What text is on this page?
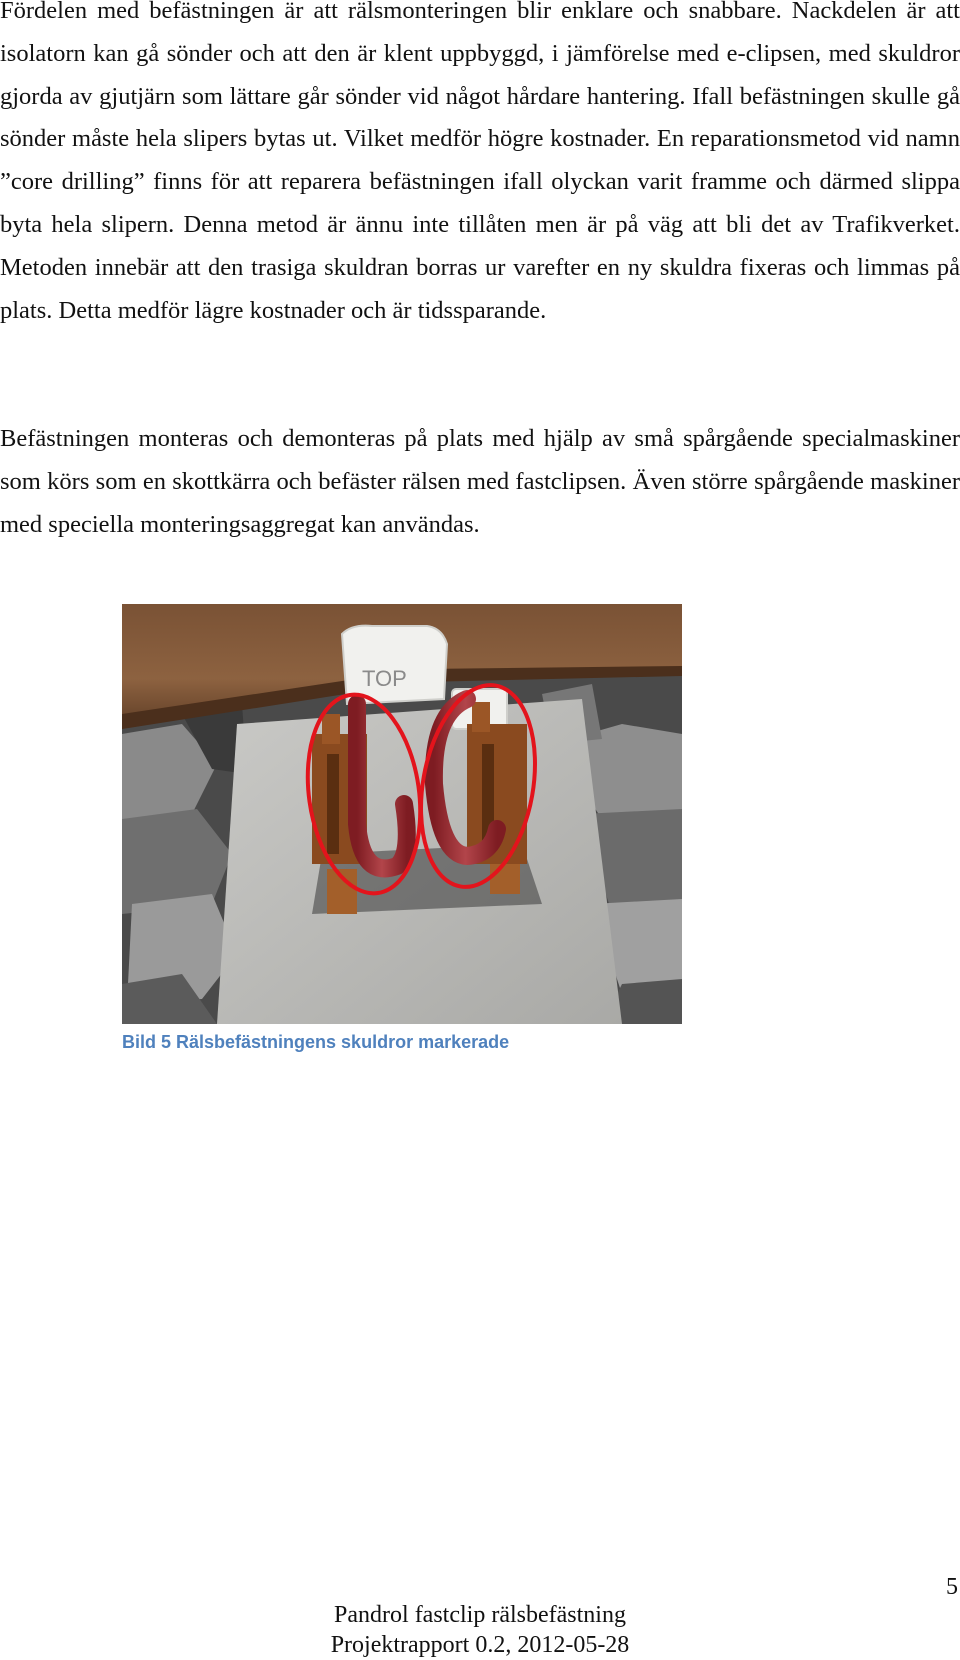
Fördelen med befästningen är att rälsmonteringen blir enklare och snabbare. Nackdelen är att isolatorn kan gå sönder och att den är klent uppbyggd, i jämförelse med e-clipsen, med skuldror gjorda av gjutjärn som lättare går sönder vid något hårdare hantering. Ifall befästningen skulle gå sönder måste hela slipers bytas ut. Vilket medför högre kostnader. En reparationsmetod vid namn ”core drilling” finns för att reparera befästningen ifall olyckan varit framme och därmed slippa byta hela slipern. Denna metod är ännu inte tillåten men är på väg att bli det av Trafikverket. Metoden innebär att den trasiga skuldran borras ur varefter en ny skuldra fixeras och limmas på plats. Detta medför lägre kostnader och är tidssparande.

Befästningen monteras och demonteras på plats med hjälp av små spårgående specialmaskiner som körs som en skottkärra och befäster rälsen med fastclipsen. Även större spårgående maskiner med speciella monteringsaggregat kan användas.

TOP
Bild 5 Rälsbefästningens skuldror markerade
5
Pandrol fastclip rälsbefästning
Projektrapport 0.2, 2012-05-28
